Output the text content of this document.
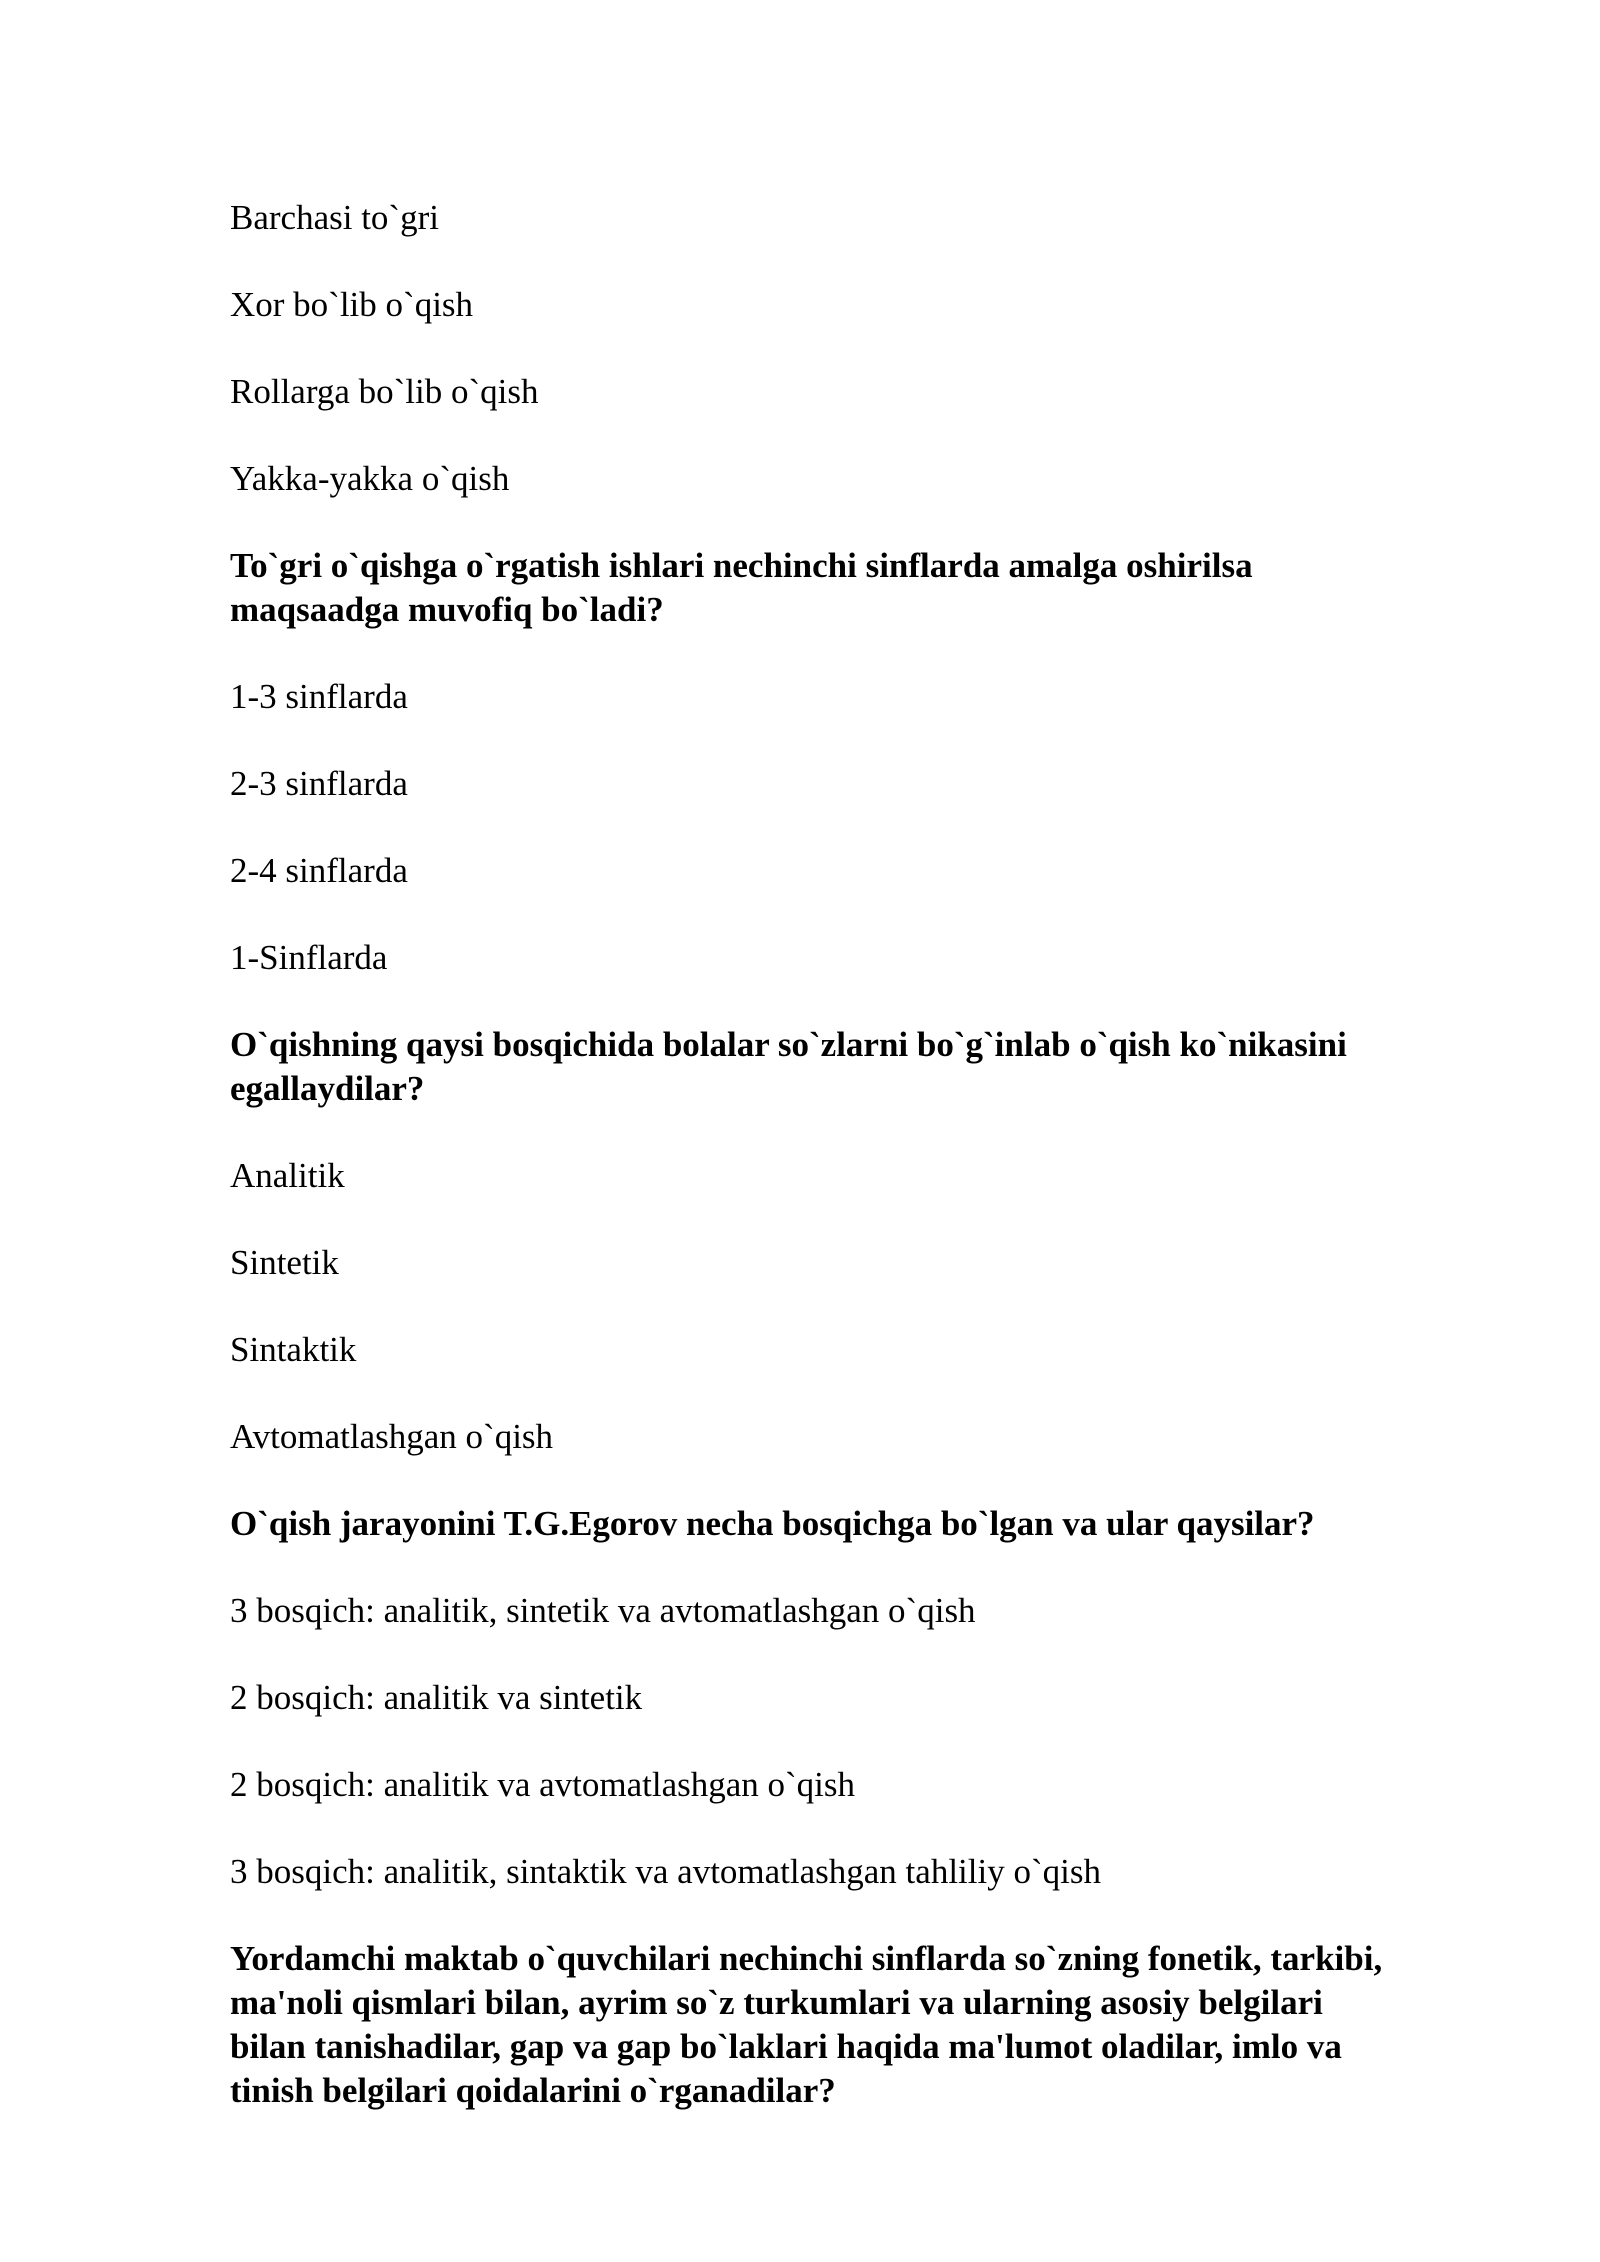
Barchasi to`gri
Xor bo`lib o`qish
Rollarga bo`lib o`qish
Yakka-yakka o`qish
To`gri o`qishga o`rgatish ishlari nechinchi sinflarda amalga oshirilsa
maqsaadga muvofiq bo`ladi?
1-3 sinflarda
2-3 sinflarda
2-4 sinflarda
1-Sinflarda
O`qishning qaysi bosqichida bolalar so`zlarni bo`g`inlab o`qish ko`nikasini
egallaydilar?
Analitik
Sintetik
Sintaktik
Avtomatlashgan o`qish
O`qish jarayonini T.G.Egorov necha bosqichga bo`lgan va ular qaysilar?
3 bosqich: analitik, sintetik va avtomatlashgan o`qish
2 bosqich: analitik va sintetik
2 bosqich: analitik va avtomatlashgan o`qish
3 bosqich: analitik, sintaktik va avtomatlashgan tahliliy o`qish
Yordamchi maktab o`quvchilari nechinchi sinflarda so`zning fonetik, tarkibi,
ma'noli qismlari bilan, ayrim so`z turkumlari va ularning asosiy belgilari
bilan tanishadilar, gap va gap bo`laklari haqida ma'lumot oladilar, imlo va
tinish belgilari qoidalarini o`rganadilar?
